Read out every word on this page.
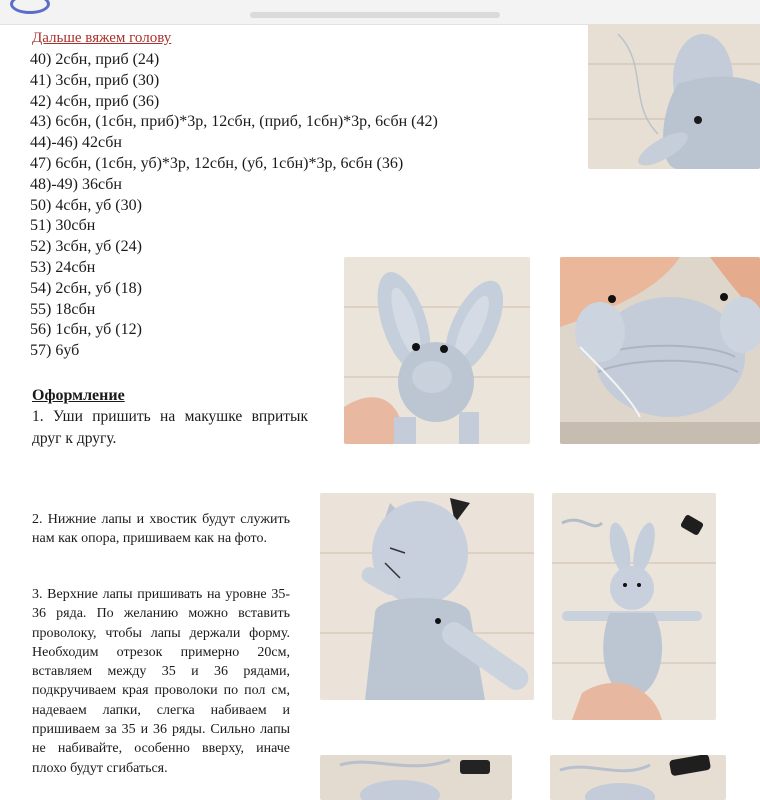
Дальше вяжем голову
40) 2сбн, приб (24)
41) 3сбн, приб (30)
42) 4сбн, приб (36)
43) 6сбн, (1сбн, приб)*3р, 12сбн, (приб, 1сбн)*3р, 6сбн (42)
44)-46) 42сбн
47) 6сбн, (1сбн, уб)*3р, 12сбн, (уб, 1сбн)*3р, 6сбн (36)
48)-49) 36сбн
50) 4сбн, уб (30)
51) 30сбн
52) 3сбн, уб (24)
53) 24сбн
54) 2сбн, уб (18)
55) 18сбн
56) 1сбн, уб (12)
57) 6уб
Оформление
1. Уши пришить на макушке впритык друг к другу.
2. Нижние лапы и хвостик будут служить нам как опора, пришиваем как на фото.
3. Верхние лапы пришивать на уровне 35-36 ряда. По желанию можно вставить проволоку, чтобы лапы держали форму. Необходим отрезок примерно 20см, вставляем между 35 и 36 рядами, подкручиваем края проволоки по пол см, надеваем лапки, слегка набиваем и пришиваем за 35 и 36 ряды. Сильно лапы не набивайте, особенно вверху, иначе плохо будут сгибаться.
